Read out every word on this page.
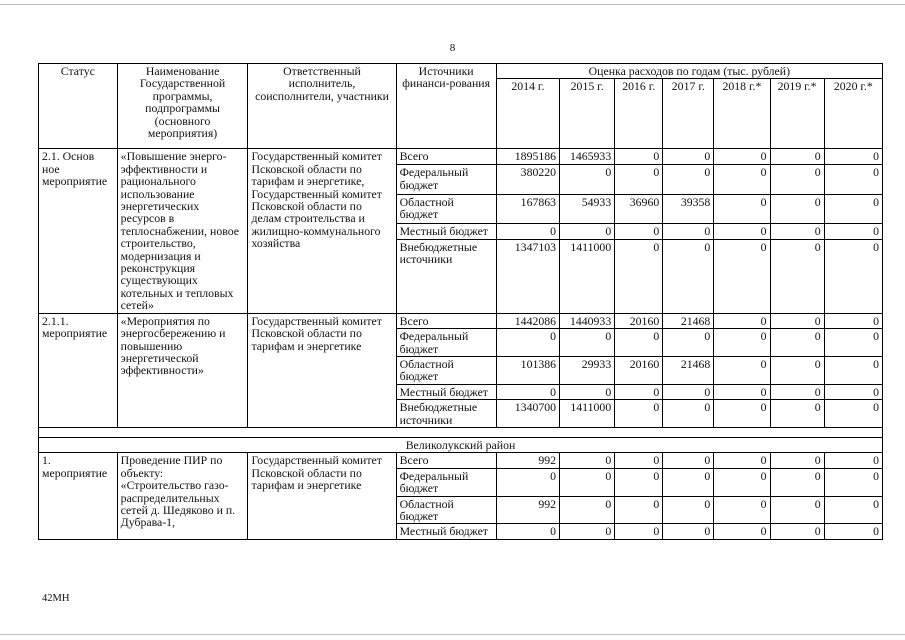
8
Статус	Наименование Государственной программы, подпрограммы (основного мероприятия)	Ответственный исполнитель, соисполнители, участники	Источники финанси-рования	Оценка расходов по годам (тыс. рублей)						
				2014 г.	2015 г.	2016 г.	2017 г.	2018 г.*	2019 г.*	2020 г.*
2.1. Основ ное мероприятие	«Повышение энерго-эффективности и рационального использование энергетических ресурсов в теплоснабжении, новое строительство, модернизация и реконструкция существующих котельных и тепловых сетей»	Государственный комитет Псковской области по тарифам и энергетике, Государственный комитет Псковской области по делам строительства и жилищно-коммунального хозяйства	Всего	1895186	1465933	0	0	0	0	0
			Федеральный бюджет	380220	0	0	0	0	0	0
			Областной бюджет	167863	54933	36960	39358	0	0	0
			Местный бюджет	0	0	0	0	0	0	0
			Внебюджетные источники	1347103	1411000	0	0	0	0	0
2.1.1. мероприятие	«Мероприятия по энергосбережению и повышению энергетической эффективности»	Государственный комитет Псковской области по тарифам и энергетике	Всего	1442086	1440933	20160	21468	0	0	0
			Федеральный бюджет	0	0	0	0	0	0	0
			Областной бюджет	101386	29933	20160	21468	0	0	0
			Местный бюджет	0	0	0	0	0	0	0
			Внебюджетные источники	1340700	1411000	0	0	0	0	0

Великолукский район										
1. мероприятие	Проведение ПИР по объекту: «Строительство газо-распределительных сетей д. Шедяково и п. Дубрава-1,	Государственный комитет Псковской области по тарифам и энергетике	Всего	992	0	0	0	0	0	0
			Федеральный бюджет	0	0	0	0	0	0	0
			Областной бюджет	992	0	0	0	0	0	0
			Местный бюджет	0	0	0	0	0	0	0
42МН
